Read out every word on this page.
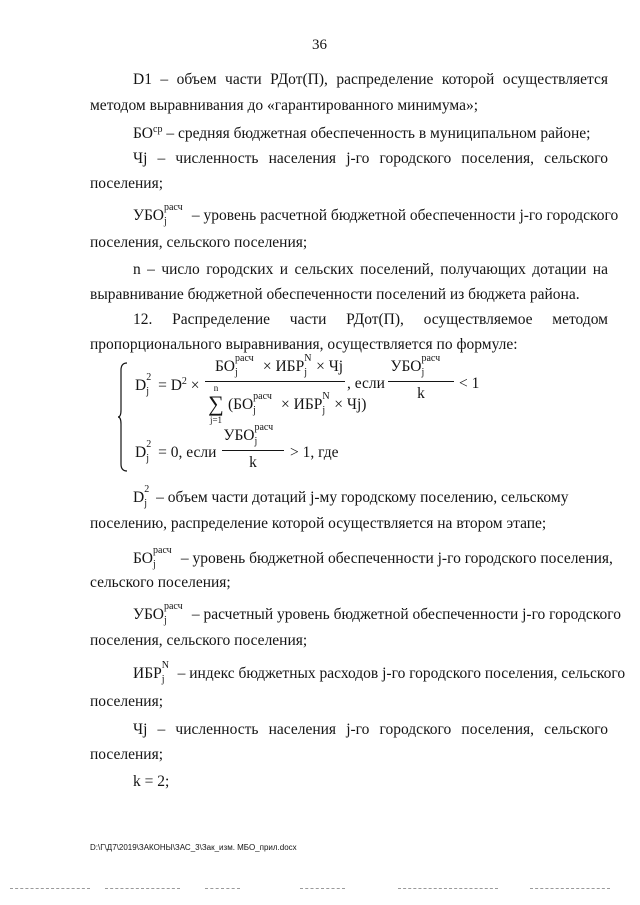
36
D1 – объем части РДот(П), распределение которой осуществляется
методом выравнивания до «гарантированного минимума»;
$БО^{ср}$ – средняя бюджетная обеспеченность в муниципальном районе;
Чj – численность населения j-го городского поселения, сельского
поселения;
УБО расч
j – уровень расчетной бюджетной обеспеченности j-го городского
поселения, сельского поселения;
n – число городских и сельских поселений, получающих дотации на
выравнивание бюджетной обеспеченности поселений из бюджета района.
12. Распределение части РДот(П), осуществляемое методом
пропорционального выравнивания, осуществляется по формуле:
D 2
$j = D^2$ ×
БО расч
j × ИБР N
j × Чj
n
∑
j=1
(БО расч
j × ИБР N
j × Чj)
, если
УБО расч
j
k
< 1
D 2
j = 0, если
УБО расч
j
k
> 1, где
D 2
j – объем части дотаций j-му городскому поселению, сельскому
поселению, распределение которой осуществляется на втором этапе;
БО расч
j – уровень бюджетной обеспеченности j-го городского поселения,
сельского поселения;
УБО расч
j – расчетный уровень бюджетной обеспеченности j-го городского
поселения, сельского поселения;
ИБР N
j – индекс бюджетных расходов j-го городского поселения, сельского
поселения;
Чj – численность населения j-го городского поселения, сельского
поселения;
k = 2;
D:\Г\Д7\2019\ЗАКОНЫ\ЗАС_3\Зак_изм. МБО_прил.docx
